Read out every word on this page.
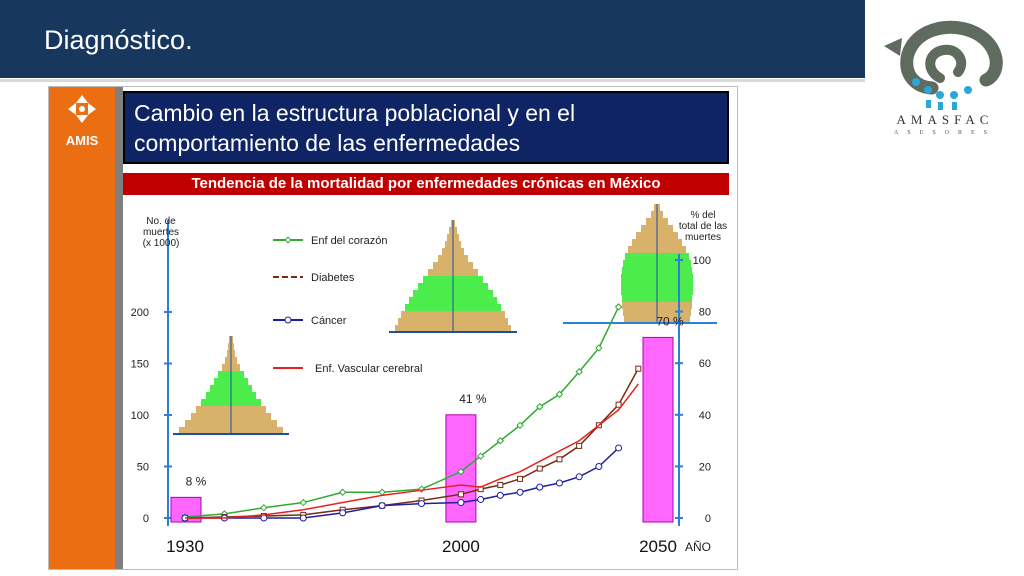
Diagnóstico.
AMASFAC
ASESORES
AMIS
Cambio en la estructura poblacional y en el
comportamiento de las enfermedades
Tendencia de la mortalidad por enfermedades crónicas en México
0
50
100
150
200
0
20
40
60
80
100
No. de
muertes
(x 1000)
% del
total de las
muertes
1930	2000	2050 AÑO
8 %
41 %
70 %
Enf del corazón
Diabetes
Cáncer
Enf. Vascular cerebral
